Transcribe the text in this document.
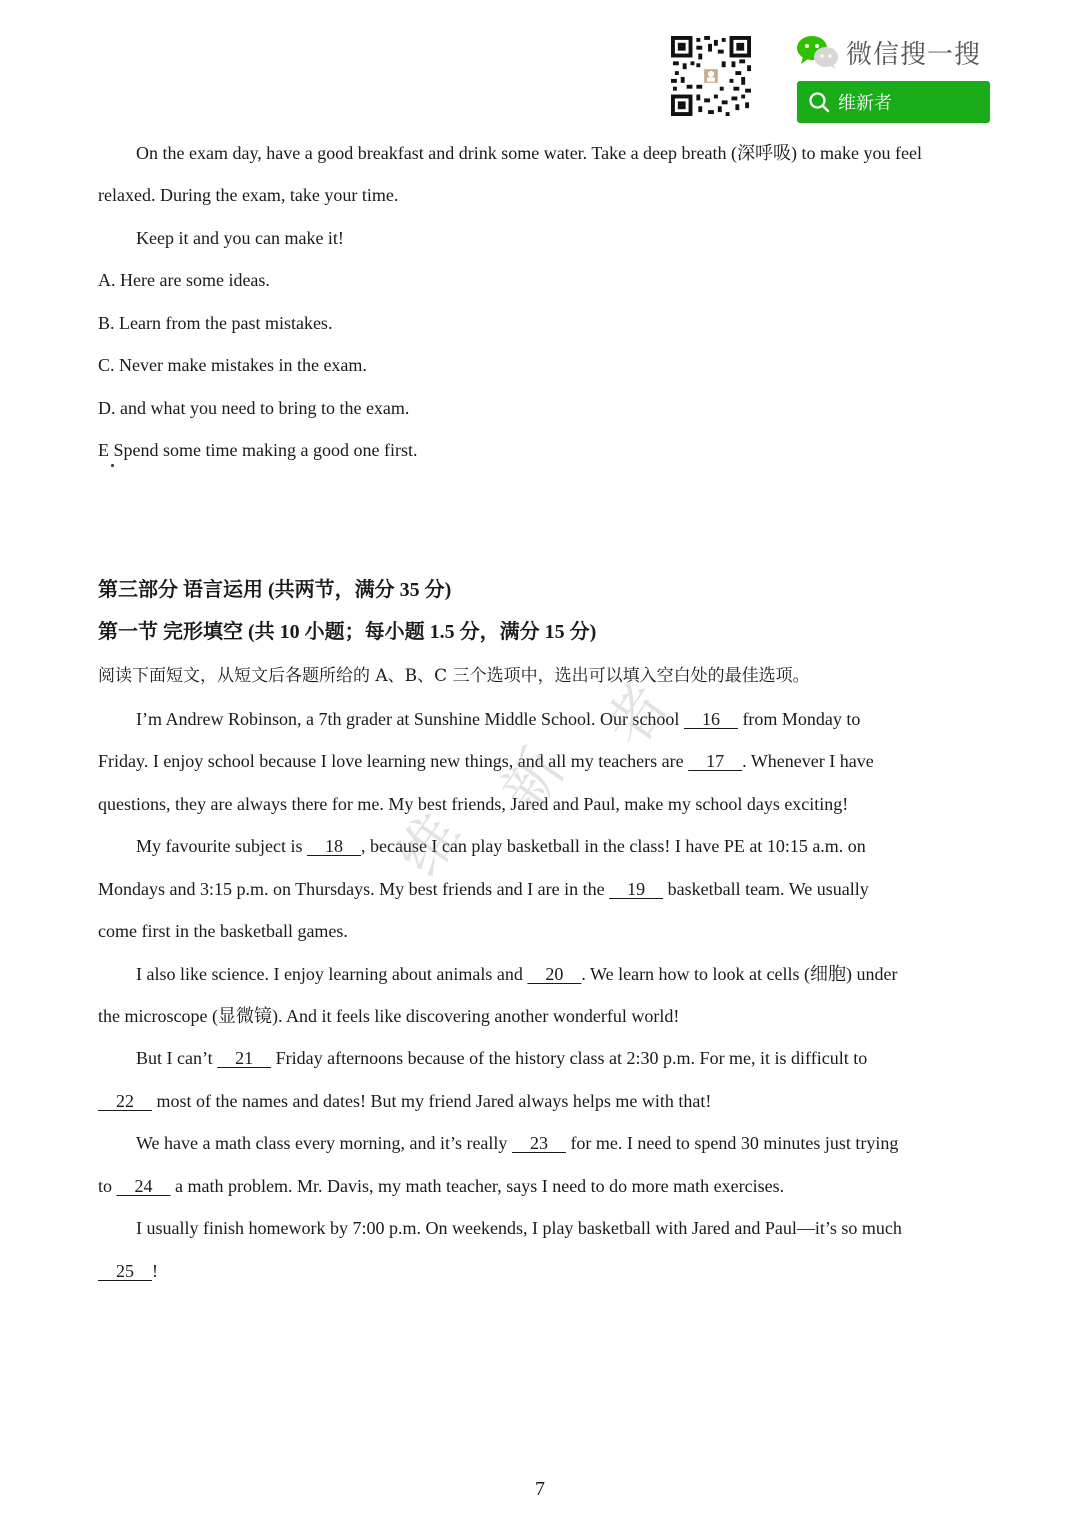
微信搜一搜
维新者
On the exam day, have a good breakfast and drink some water. Take a deep breath (深呼吸) to make you feel
relaxed. During the exam, take your time.
Keep it and you can make it!
A. Here are some ideas.
B. Learn from the past mistakes.
C. Never make mistakes in the exam.
D. and what you need to bring to the exam.
E Spend some time making a good one first.
第三部分 语言运用 (共两节，满分 35 分)
第一节 完形填空 (共 10 小题；每小题 1.5 分，满分 15 分)
阅读下面短文，从短文后各题所给的 A、B、C 三个选项中，选出可以填入空白处的最佳选项。
I’m Andrew Robinson, a 7th grader at Sunshine Middle School. Our school     16     from Monday to
Friday. I enjoy school because I love learning new things, and all my teachers are     17    . Whenever I have
questions, they are always there for me. My best friends, Jared and Paul, make my school days exciting!
My favourite subject is     18    , because I can play basketball in the class! I have PE at 10:15 a.m. on
Mondays and 3:15 p.m. on Thursdays. My best friends and I are in the     19     basketball team. We usually
come first in the basketball games.
I also like science. I enjoy learning about animals and     20    . We learn how to look at cells (细胞) under
the microscope (显微镜). And it feels like discovering another wonderful world!
But I can’t     21     Friday afternoons because of the history class at 2:30 p.m. For me, it is difficult to
22     most of the names and dates! But my friend Jared always helps me with that!
We have a math class every morning, and it’s really     23     for me. I need to spend 30 minutes just trying
to     24     a math problem. Mr. Davis, my math teacher, says I need to do more math exercises.
I usually finish homework by 7:00 p.m. On weekends, I play basketball with Jared and Paul—it’s so much
25    !
维
新
者
7
